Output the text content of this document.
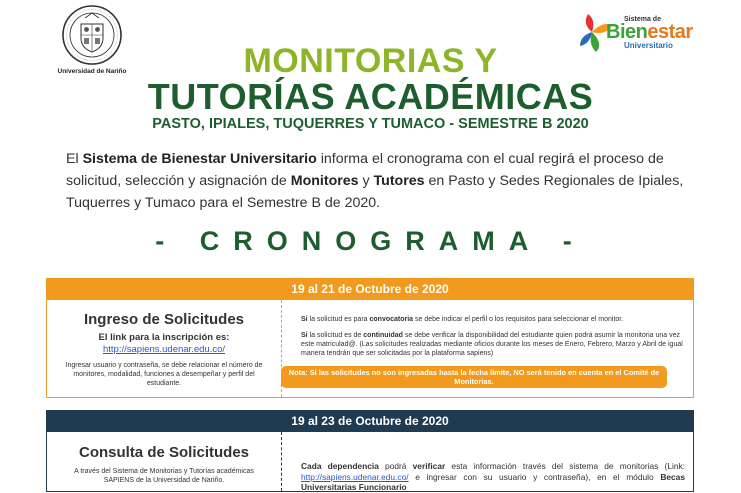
Universidad de Nariño
Sistema de
Bienestar
Universitario
MONITORIAS Y
TUTORÍAS ACADÉMICAS
PASTO, IPIALES, TUQUERRES Y TUMACO - SEMESTRE B 2020
El Sistema de Bienestar Universitario informa el cronograma con el cual regirá el proceso de solicitud, selección y asignación de Monitores y Tutores en Pasto y Sedes Regionales de Ipiales, Tuquerres y Tumaco para el Semestre B de 2020.
- CRONOGRAMA -
19 al 21 de Octubre de 2020
Ingreso de Solicitudes
El link para la inscripción es:
http://sapiens.udenar.edu.co/
Ingresar usuario y contraseña, se debe relacionar el número de monitores, modalidad, funciones a desempeñar y perfil del estudiante.
Si la solicitud es para convocatoria se debe indicar el perfil o los requisitos para seleccionar el monitor.
Si la solicitud es de continuidad se debe verificar la disponibilidad del estudiante quien podrá asumir la monitoria una vez este matriculad@. (Las solicitudes realizadas mediante oficios durante los meses de Enero, Febrero, Marzo y Abril de igual manera tendrán que ser solicitadas por la plataforma sapiens)
Nota: Si las solicitudes no son ingresadas hasta la fecha límite, NO será tenido en cuenta en el Comité de Monitorias.
19 al 23 de Octubre de 2020
Consulta de Solicitudes
A través del Sistema de Monitorias y Tutorías académicas SAPIENS de la Universidad de Nariño.
Cada dependencia podrá verificar esta información través del sistema de monitorias (Link: http://sapiens.udenar.edu.co/ e ingresar con su usuario y contraseña), en el módulo Becas Universitarias Funcionario
